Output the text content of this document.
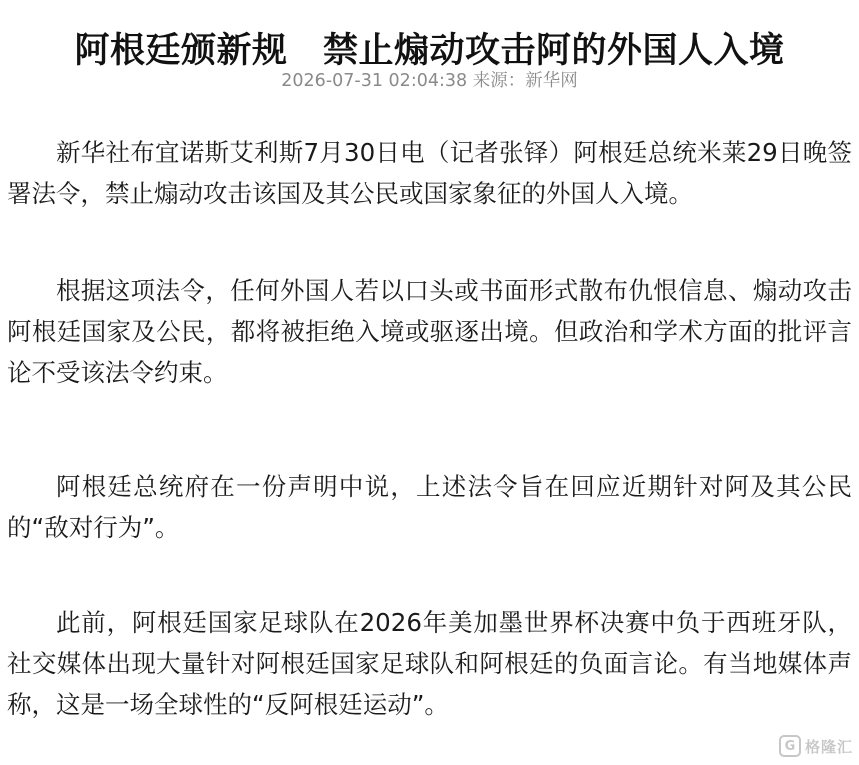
阿根廷颁新规　禁止煽动攻击阿的外国人入境
2026-07-31 02:04:38 来源：新华网

新华社布宜诺斯艾利斯7月30日电（记者张铎）阿根廷总统米莱29日晚签署法令，禁止煽动攻击该国及其公民或国家象征的外国人入境。

根据这项法令，任何外国人若以口头或书面形式散布仇恨信息、煽动攻击阿根廷国家及公民，都将被拒绝入境或驱逐出境。但政治和学术方面的批评言论不受该法令约束。

阿根廷总统府在一份声明中说，上述法令旨在回应近期针对阿及其公民的“敌对行为”。

此前，阿根廷国家足球队在2026年美加墨世界杯决赛中负于西班牙队，社交媒体出现大量针对阿根廷国家足球队和阿根廷的负面言论。有当地媒体声称，这是一场全球性的“反阿根廷运动”。

G 格隆汇
